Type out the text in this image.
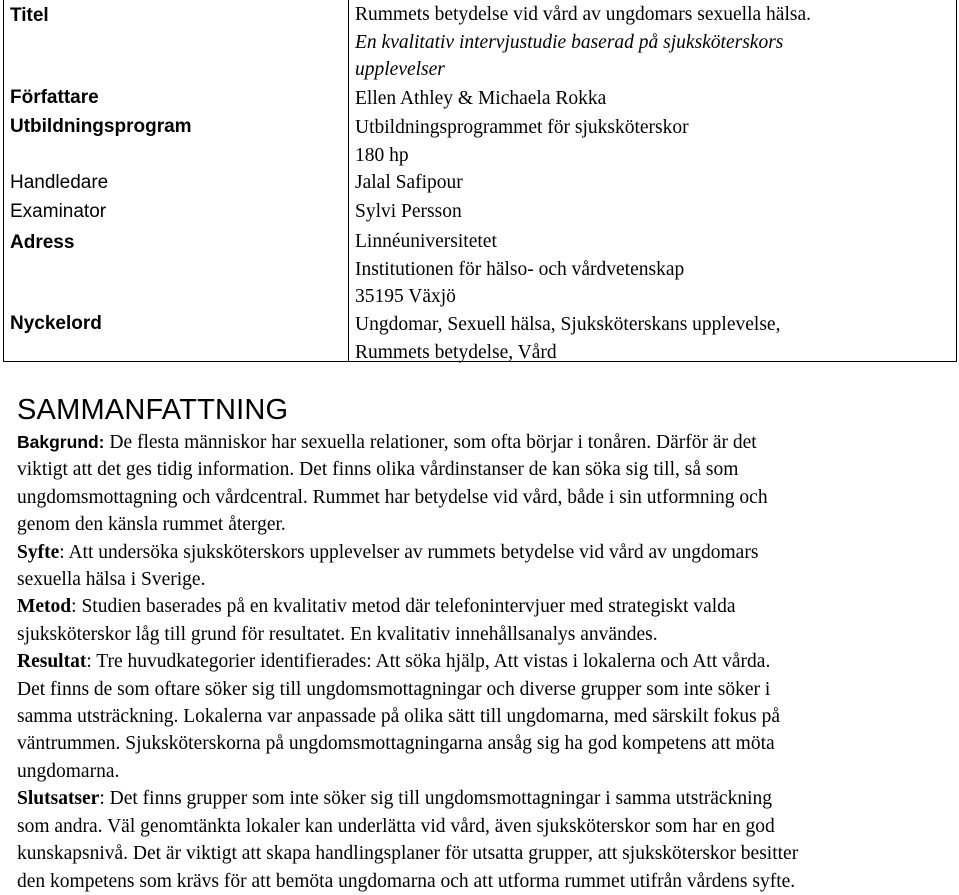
Titel
Författare
Utbildningsprogram
Handledare
Examinator
Adress
Nyckelord
Rummets betydelse vid vård av ungdomars sexuella hälsa.
En kvalitativ intervjustudie baserad på sjuksköterskors
upplevelser
Ellen Athley & Michaela Rokka
Utbildningsprogrammet för sjuksköterskor
180 hp
Jalal Safipour
Sylvi Persson
Linnéuniversitetet
Institutionen för hälso- och vårdvetenskap
35195 Växjö
Ungdomar, Sexuell hälsa, Sjuksköterskans upplevelse,
Rummets betydelse, Vård
SAMMANFATTNING
Bakgrund: De flesta människor har sexuella relationer, som ofta börjar i tonåren. Därför är det
viktigt att det ges tidig information. Det finns olika vårdinstanser de kan söka sig till, så som
ungdomsmottagning och vårdcentral. Rummet har betydelse vid vård, både i sin utformning och
genom den känsla rummet återger.
Syfte: Att undersöka sjuksköterskors upplevelser av rummets betydelse vid vård av ungdomars
sexuella hälsa i Sverige.
Metod: Studien baserades på en kvalitativ metod där telefonintervjuer med strategiskt valda
sjuksköterskor låg till grund för resultatet. En kvalitativ innehållsanalys användes.
Resultat: Tre huvudkategorier identifierades: Att söka hjälp, Att vistas i lokalerna och Att vårda.
Det finns de som oftare söker sig till ungdomsmottagningar och diverse grupper som inte söker i
samma utsträckning. Lokalerna var anpassade på olika sätt till ungdomarna, med särskilt fokus på
väntrummen. Sjuksköterskorna på ungdomsmottagningarna ansåg sig ha god kompetens att möta
ungdomarna.
Slutsatser: Det finns grupper som inte söker sig till ungdomsmottagningar i samma utsträckning
som andra. Väl genomtänkta lokaler kan underlätta vid vård, även sjuksköterskor som har en god
kunskapsnivå. Det är viktigt att skapa handlingsplaner för utsatta grupper, att sjuksköterskor besitter
den kompetens som krävs för att bemöta ungdomarna och att utforma rummet utifrån vårdens syfte.
